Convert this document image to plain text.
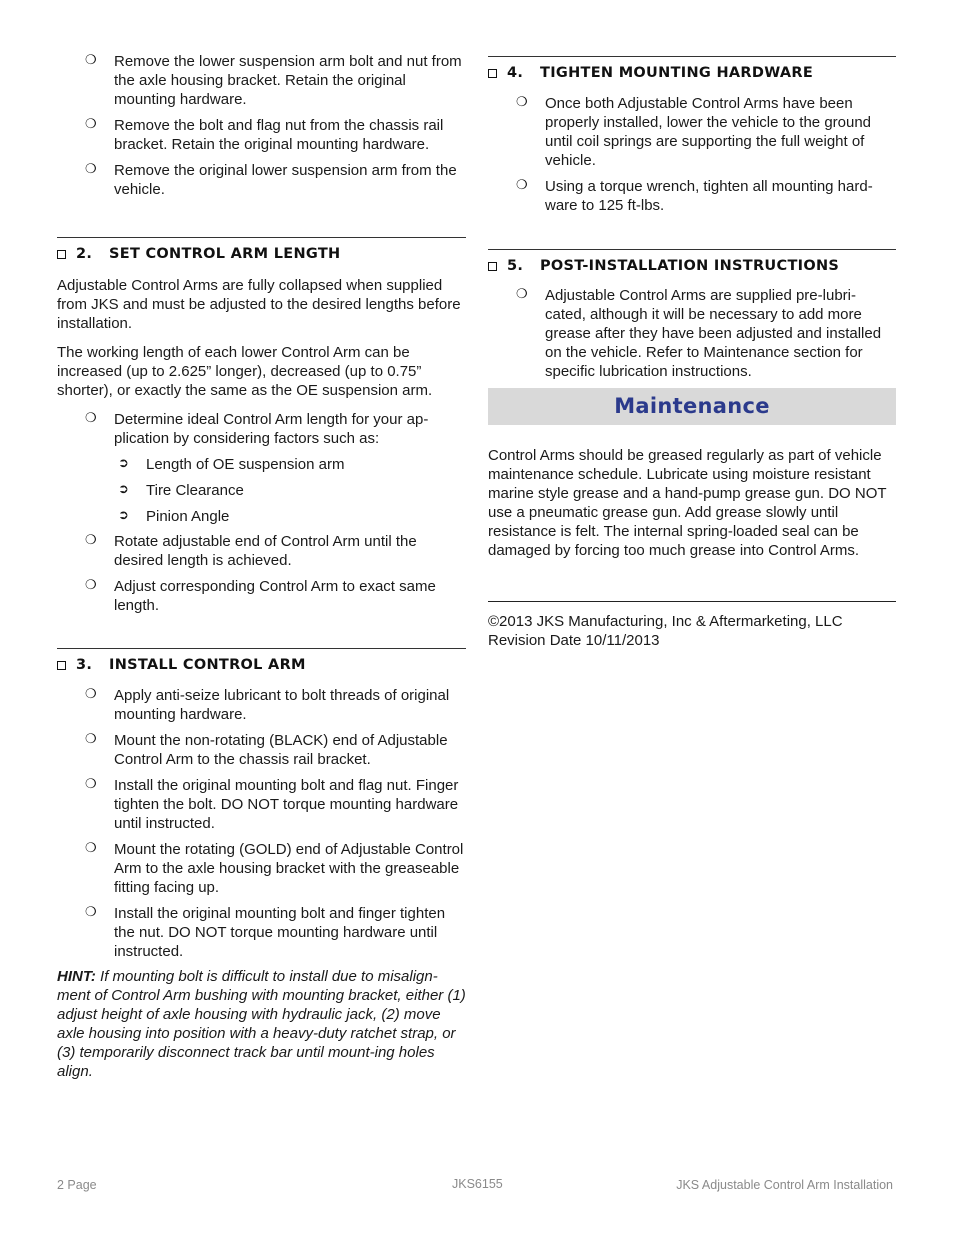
❍ Remove the lower suspension arm bolt and nut from the axle housing bracket. Retain the original mounting hardware.
❍ Remove the bolt and flag nut from the chassis rail bracket. Retain the original mounting hardware.
❍ Remove the original lower suspension arm from the vehicle.
2.	SET CONTROL ARM LENGTH

Adjustable Control Arms are fully collapsed when supplied from JKS and must be adjusted to the desired lengths before installation.

The working length of each lower Control Arm can be increased (up to 2.625” longer), decreased (up to 0.75” shorter), or exactly the same as the OE suspension arm.

❍ Determine ideal Control Arm length for your ap-plication by considering factors such as:
➲ Length of OE suspension arm
➲ Tire Clearance
➲ Pinion Angle
❍ Rotate adjustable end of Control Arm until the desired length is achieved.
❍ Adjust corresponding Control Arm to exact same length.
3.	INSTALL CONTROL ARM
❍ Apply anti-seize lubricant to bolt threads of original mounting hardware.
❍ Mount the non-rotating (BLACK) end of Adjustable Control Arm to the chassis rail bracket.
❍ Install the original mounting bolt and flag nut. Finger tighten the bolt. DO NOT torque mounting hardware until instructed.
❍ Mount the rotating (GOLD) end of Adjustable Control Arm to the axle housing bracket with the greaseable fitting facing up.
❍ Install the original mounting bolt and finger tighten the nut. DO NOT torque mounting hardware until instructed.

HINT: If mounting bolt is difficult to install due to misalign-ment of Control Arm bushing with mounting bracket, either (1) adjust height of axle housing with hydraulic jack, (2) move axle housing into position with a heavy-duty ratchet strap, or (3) temporarily disconnect track bar until mount-ing holes align.

4.	TIGHTEN MOUNTING HARDWARE
❍ Once both Adjustable Control Arms have been properly installed, lower the vehicle to the ground until coil springs are supporting the full weight of vehicle.
❍ Using a torque wrench, tighten all mounting hard-ware to 125 ft-lbs.
5.	POST-INSTALLATION INSTRUCTIONS
❍ Adjustable Control Arms are supplied pre-lubri-cated, although it will be necessary to add more grease after they have been adjusted and installed on the vehicle. Refer to Maintenance section for specific lubrication instructions.
Maintenance

Control Arms should be greased regularly as part of vehicle maintenance schedule. Lubricate using moisture resistant marine style grease and a hand-pump grease gun. DO NOT use a pneumatic grease gun. Add grease slowly until resistance is felt. The internal spring-loaded seal can be damaged by forcing too much grease into Control Arms.

©2013 JKS Manufacturing, Inc & Aftermarketing, LLC

Revision Date 10/11/2013

2 Page	JKS6155	JKS Adjustable Control Arm Installation
